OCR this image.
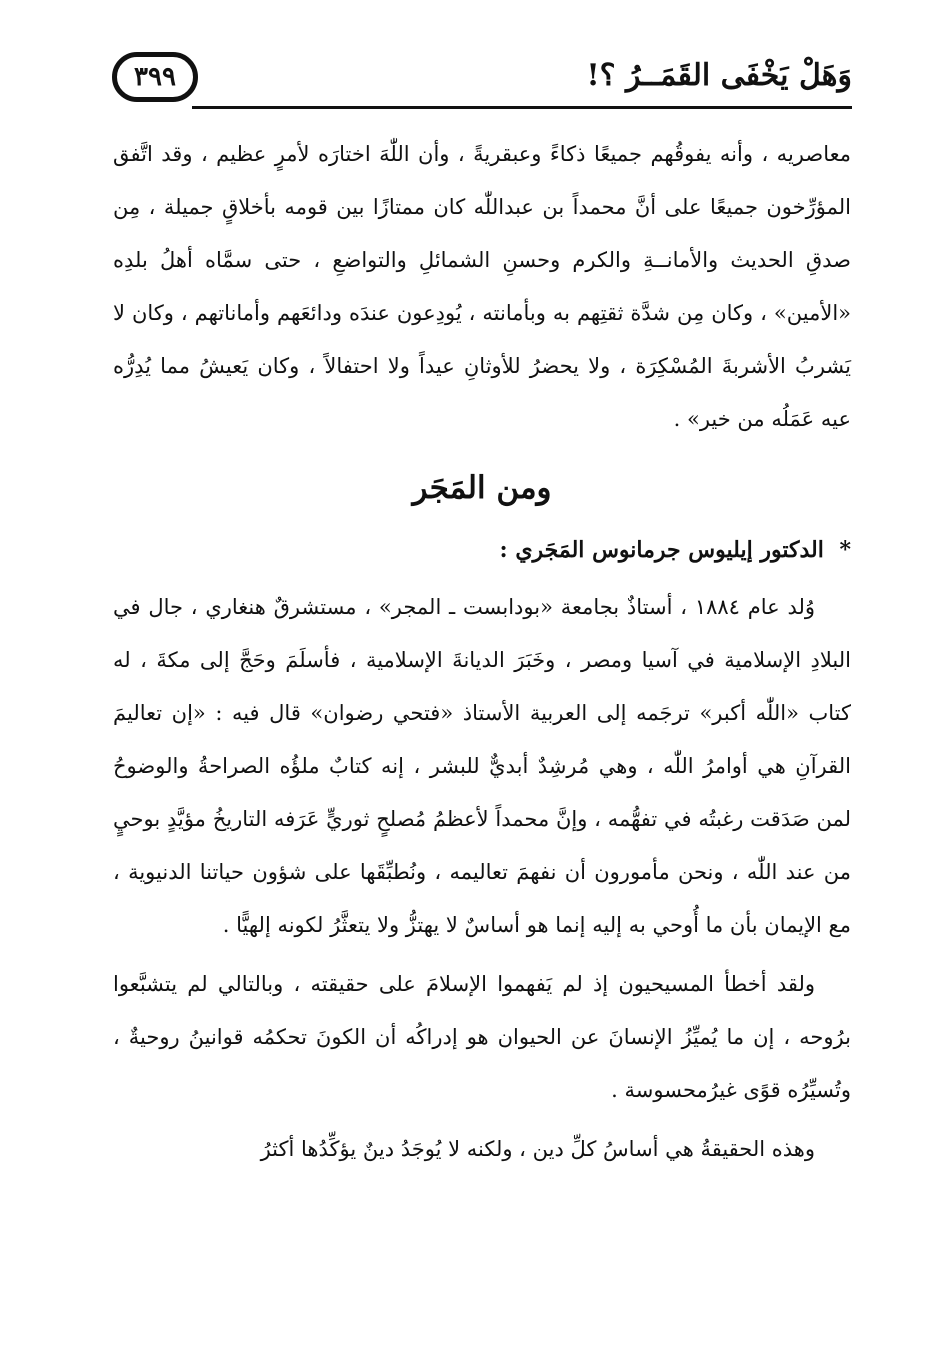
وَهَلْ يَخْفَى القَمَــرُ ؟!
٣٩٩

معاصريه ، وأنه يفوقُهم جميعًا ذكاءً وعبقريةً ، وأن اللّٰهَ اختارَه لأمرٍ عظيم ، وقد اتَّفق المؤرِّخون جميعًا على أنَّ محمداً بن عبداللّٰه كان ممتازًا بين قومه بأخلاقٍ جميلة ، مِن صدقِ الحديث والأمانــةِ والكرم وحسنِ الشمائلِ والتواضعِ ، حتى سمَّاه أهلُ بلدِه «الأمين» ، وكان مِن شدَّة ثقتِهم به وبأمانته ، يُودِعون عندَه ودائعَهم وأماناتهم ، وكان لا يَشربُ الأشربةَ المُسْكِرَة ، ولا يحضرُ للأوثانِ عيداً ولا احتفالاً ، وكان يَعيشُ مما يُدِرُّه عيه عَمَلُه من خير» .

ومن المَجَر
* الدكتور إيليوس جرمانوس المَجَري :

وُلد عام ١٨٨٤ ، أستاذٌ بجامعة «بودابست ـ المجر» ، مستشرقٌ هنغاري ، جال في البلادِ الإسلامية في آسيا ومصر ، وخَبَرَ الديانةَ الإسلامية ، فأسلَمَ وحَجَّ إلى مكةَ ، له كتاب «اللّٰه أكبر» ترجَمه إلى العربية الأستاذ «فتحي رضوان» قال فيه : «إن تعاليمَ القرآنِ هي أوامرُ اللّٰه ، وهي مُرشِدٌ أبديٌّ للبشر ، إنه كتابٌ ملؤُه الصراحةُ والوضوحُ لمن صَدَقت رغبتُه في تفهُّمه ، وإنَّ محمداً لأعظمُ مُصلحٍ ثوريٍّ عَرَفه التاريخُ مؤيَّدٍ بوحيٍ من عند اللّٰه ، ونحن مأمورون أن نفهمَ تعاليمه ، ونُطبِّقَها على شؤون حياتنا الدنيوية ، مع الإيمان بأن ما أُوحي به إليه إنما هو أساسٌ لا يهتزُّ ولا يتعثَّرُ لكونه إلهيًّا .

ولقد أخطأ المسيحيون إذ لم يَفهموا الإسلامَ على حقيقته ، وبالتالي لم يتشبَّعوا برُوحه ، إن ما يُميِّزُ الإنسانَ عن الحيوان هو إدراكُه أن الكونَ تحكمُه قوانينُ روحيةٌ ، وتُسيِّرُه قوًى غيرُمحسوسة .

وهذه الحقيقةُ هي أساسُ كلِّ دين ، ولكنه لا يُوجَدُ دينٌ يؤكِّدُها أكثرُ
